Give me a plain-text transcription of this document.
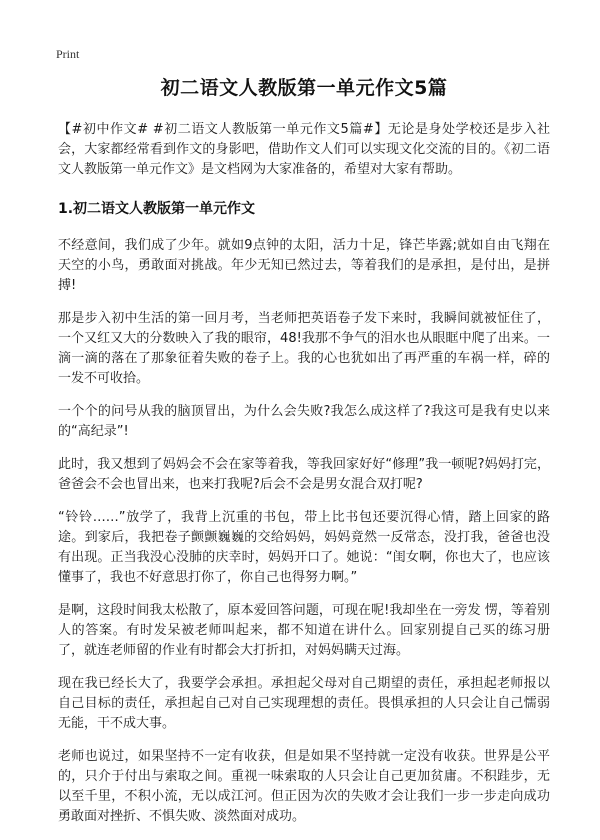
Print
初二语文人教版第一单元作文5篇

【#初中作文# #初二语文人教版第一单元作文5篇#】无论是身处学校还是步入社会，大家都经常看到作文的身影吧，借助作文人们可以实现文化交流的目的。《初二语文人教版第一单元作文》是文档网为大家准备的，希望对大家有帮助。

1.初二语文人教版第一单元作文

不经意间，我们成了少年。就如9点钟的太阳，活力十足，锋芒毕露;就如自由飞翔在天空的小鸟，勇敢面对挑战。年少无知已然过去，等着我们的是承担，是付出，是拼搏!

那是步入初中生活的第一回月考，当老师把英语卷子发下来时，我瞬间就被怔住了，一个又红又大的分数映入了我的眼帘，48!我那不争气的泪水也从眼眶中爬了出来。一滴一滴的落在了那象征着失败的卷子上。我的心也犹如出了再严重的车祸一样，碎的一发不可收拾。

一个个的问号从我的脑顶冒出，为什么会失败?我怎么成这样了?我这可是我有史以来的“高纪录”!

此时，我又想到了妈妈会不会在家等着我，等我回家好好“修理”我一顿呢?妈妈打完，爸爸会不会也冒出来，也来打我呢?后会不会是男女混合双打呢?

“铃铃……”放学了，我背上沉重的书包，带上比书包还要沉得心情，踏上回家的路途。到家后，我把卷子颤颤巍巍的交给妈妈，妈妈竟然一反常态，没打我，爸爸也没有出现。正当我没心没肺的庆幸时，妈妈开口了。她说：“闺女啊，你也大了，也应该懂事了，我也不好意思打你了，你自己也得努力啊。”

是啊，这段时间我太松散了，原本爱回答问题，可现在呢!我却坐在一旁发 愣，等着别人的答案。有时发呆被老师叫起来，都不知道在讲什么。回家别提自己买的练习册了，就连老师留的作业有时都会大打折扣，对妈妈瞒天过海。

现在我已经长大了，我要学会承担。承担起父母对自己期望的责任，承担起老师报以自己目标的责任，承担起自己对自己实现理想的责任。畏惧承担的人只会让自己懦弱无能，干不成大事。

老师也说过，如果坚持不一定有收获，但是如果不坚持就一定没有收获。世界是公平的，只介于付出与索取之间。重视一味索取的人只会让自己更加贫庸。不积跬步，无以至千里，不积小流，无以成江河。但正因为次的失败才会让我们一步一步走向成功勇敢面对挫折、不惧失败、淡然面对成功。
